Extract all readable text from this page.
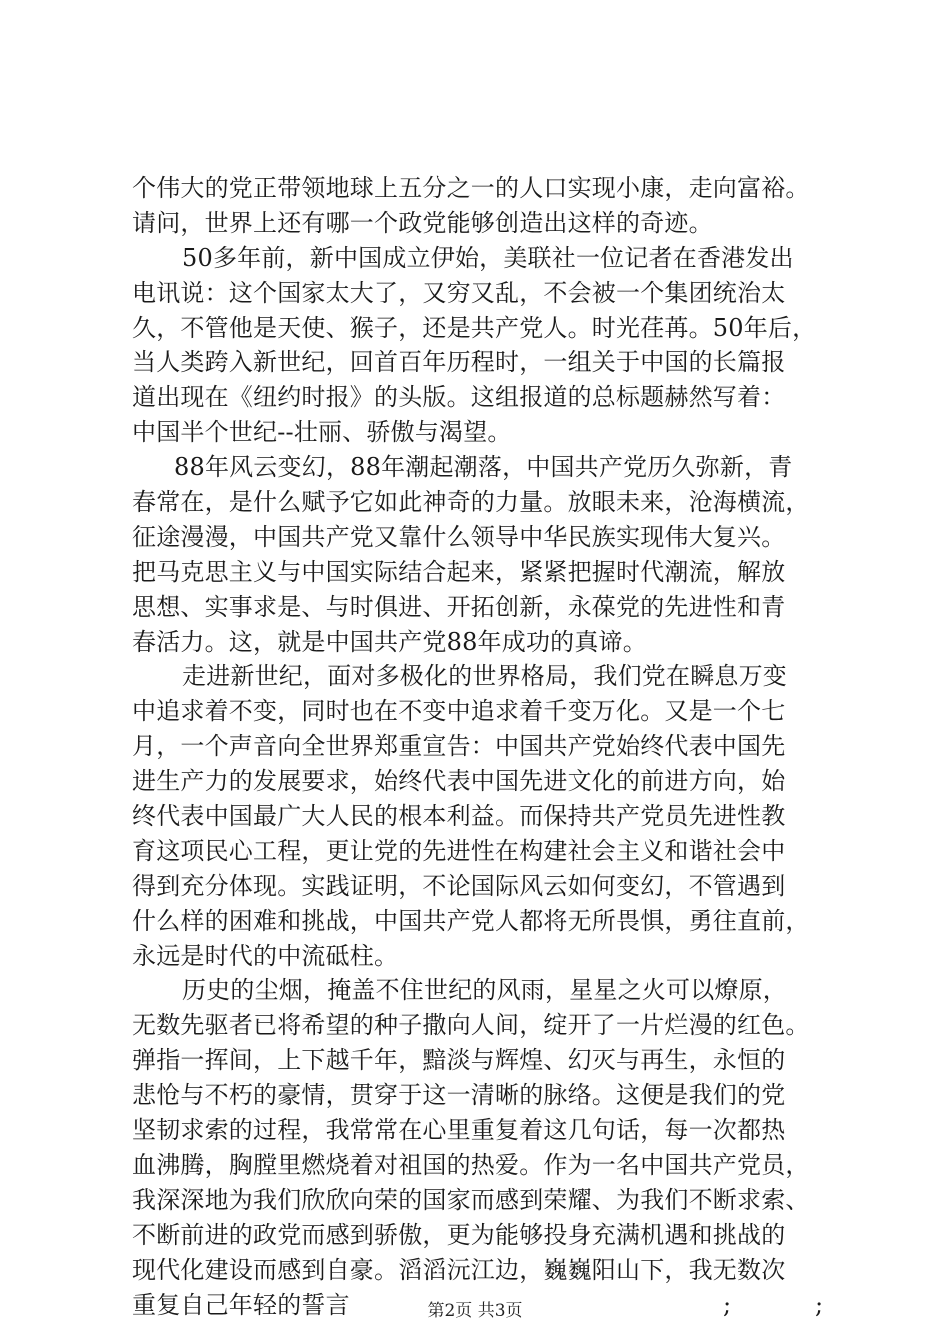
个伟大的党正带领地球上五分之一的人口实现小康，走向富裕。
请问，世界上还有哪一个政党能够创造出这样的奇迹。
50多年前，新中国成立伊始，美联社一位记者在香港发出
电讯说：这个国家太大了，又穷又乱，不会被一个集团统治太
久，不管他是天使、猴子，还是共产党人。时光荏苒。50年后，
当人类跨入新世纪，回首百年历程时，一组关于中国的长篇报
道出现在《纽约时报》的头版。这组报道的总标题赫然写着：
中国半个世纪--壮丽、骄傲与渴望。
88年风云变幻，88年潮起潮落，中国共产党历久弥新，青
春常在，是什么赋予它如此神奇的力量。放眼未来，沧海横流，
征途漫漫，中国共产党又靠什么领导中华民族实现伟大复兴。
把马克思主义与中国实际结合起来，紧紧把握时代潮流，解放
思想、实事求是、与时俱进、开拓创新，永葆党的先进性和青
春活力。这，就是中国共产党88年成功的真谛。
走进新世纪，面对多极化的世界格局，我们党在瞬息万变
中追求着不变，同时也在不变中追求着千变万化。又是一个七
月，一个声音向全世界郑重宣告：中国共产党始终代表中国先
进生产力的发展要求，始终代表中国先进文化的前进方向，始
终代表中国最广大人民的根本利益。而保持共产党员先进性教
育这项民心工程，更让党的先进性在构建社会主义和谐社会中
得到充分体现。实践证明，不论国际风云如何变幻，不管遇到
什么样的困难和挑战，中国共产党人都将无所畏惧，勇往直前，
永远是时代的中流砥柱。
历史的尘烟，掩盖不住世纪的风雨，星星之火可以燎原，
无数先驱者已将希望的种子撒向人间，绽开了一片烂漫的红色。
弹指一挥间，上下越千年，黯淡与辉煌、幻灭与再生，永恒的
悲怆与不朽的豪情，贯穿于这一清晰的脉络。这便是我们的党
坚韧求索的过程，我常常在心里重复着这几句话，每一次都热
血沸腾，胸膛里燃烧着对祖国的热爱。作为一名中国共产党员，
我深深地为我们欣欣向荣的国家而感到荣耀、为我们不断求索、
不断前进的政党而感到骄傲，更为能够投身充满机遇和挑战的
现代化建设而感到自豪。滔滔沅江边，巍巍阳山下，我无数次
重复自己年轻的誓言	;	;
第2页 共3页
